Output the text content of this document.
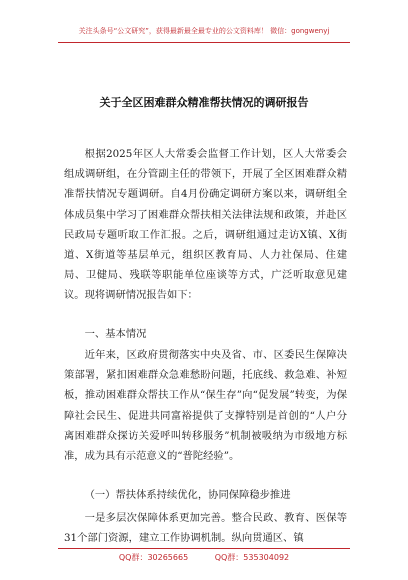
关注头条号“公文研究”，获得最新最全最专业的公文资料库！ 微信：gongwenyj
关于全区困难群众精准帮扶情况的调研报告

根据2025年区人大常委会监督工作计划，区人大常委会组成调研组，在分管副主任的带领下，开展了全区困难群众精准帮扶情况专题调研。自4月份确定调研方案以来，调研组全体成员集中学习了困难群众帮扶相关法律法规和政策，并赴区民政局专题听取工作汇报。之后，调研组通过走访X镇、X街道、X街道等基层单元，组织区教育局、人力社保局、住建局、卫健局、残联等职能单位座谈等方式，广泛听取意见建议。现将调研情况报告如下：

一、基本情况

近年来，区政府贯彻落实中央及省、市、区委民生保障决策部署，紧扣困难群众急难愁盼问题，托底线、救急难、补短板，推动困难群众帮扶工作从“保生存”向“促发展”转变，为保障社会民生、促进共同富裕提供了支撑特别是首创的“人户分离困难群众探访关爱呼叫转移服务”机制被吸纳为市级地方标准，成为具有示范意义的“普陀经验”。

（一）帮扶体系持续优化，协同保障稳步推进

一是多层次保障体系更加完善。整合民政、教育、医保等31个部门资源，建立工作协调机制。纵向贯通区、镇

QQ群：30265665	QQ群：535304092
